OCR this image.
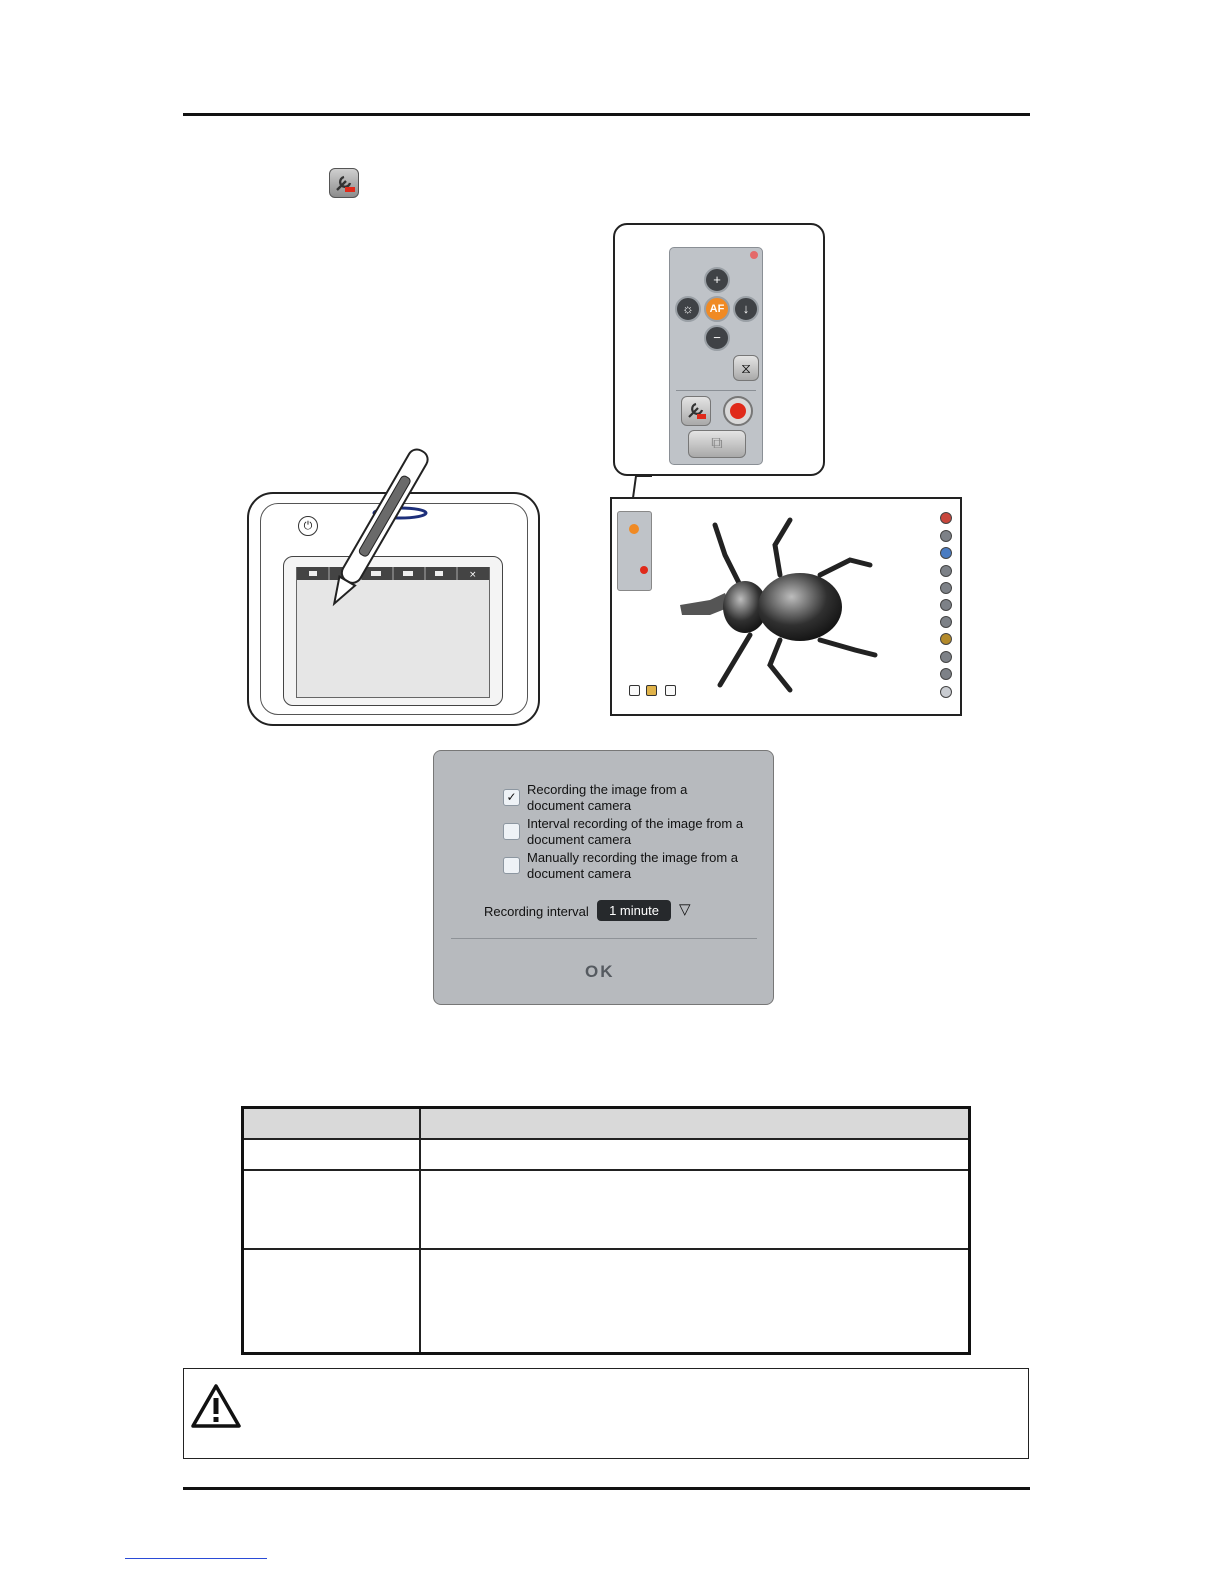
⏻
×
+
☼	AF	↓
−
⧖
⧉
✓ Recording the image from a
document camera
Interval recording of the image from a
document camera
Manually recording the image from a
document camera
Recording interval	1 minute	▽
OK
